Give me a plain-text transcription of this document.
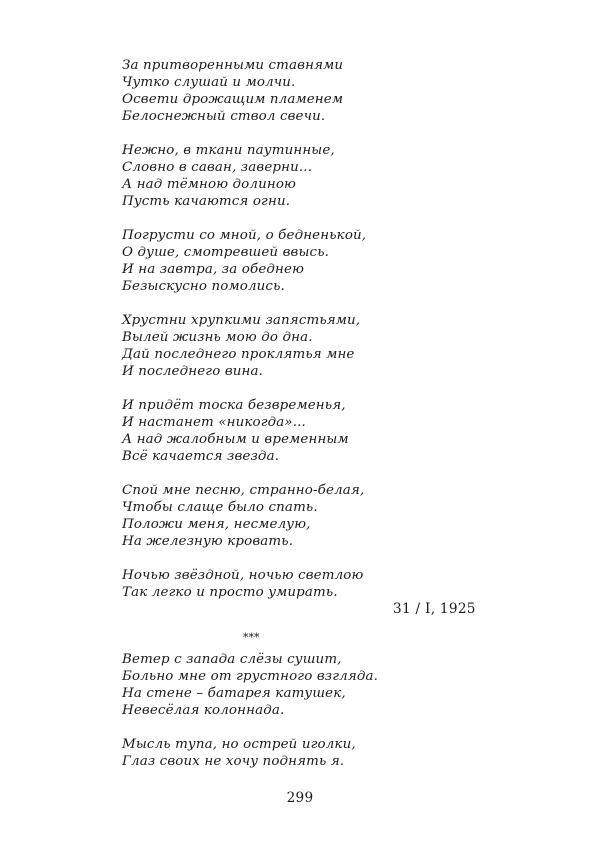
За притворенными ставнями
Чутко слушай и молчи.
Освети дрожащим пламенем
Белоснежный ствол свечи.
Нежно, в ткани паутинные,
Словно в саван, заверни...
А над тёмною долиною
Пусть качаются огни.
Погрусти со мной, о бедненькой,
О душе, смотревшей ввысь.
И на завтра, за обеднею
Безыскусно помолись.
Хрустни хрупкими запястьями,
Вылей жизнь мою до дна.
Дай последнего проклятья мне
И последнего вина.
И придёт тоска безвременья,
И настанет «никогда»...
А над жалобным и временным
Всё качается звезда.
Спой мне песню, странно-белая,
Чтобы слаще было спать.
Положи меня, несмелую,
На железную кровать.
Ночью звёздной, ночью светлою
Так легко и просто умирать.
31 / I, 1925
***
Ветер с запада слёзы сушит,
Больно мне от грустного взгляда.
На стене – батарея катушек,
Невесёлая колоннада.
Мысль тупа, но острей иголки,
Глаз своих не хочу поднять я.
299
